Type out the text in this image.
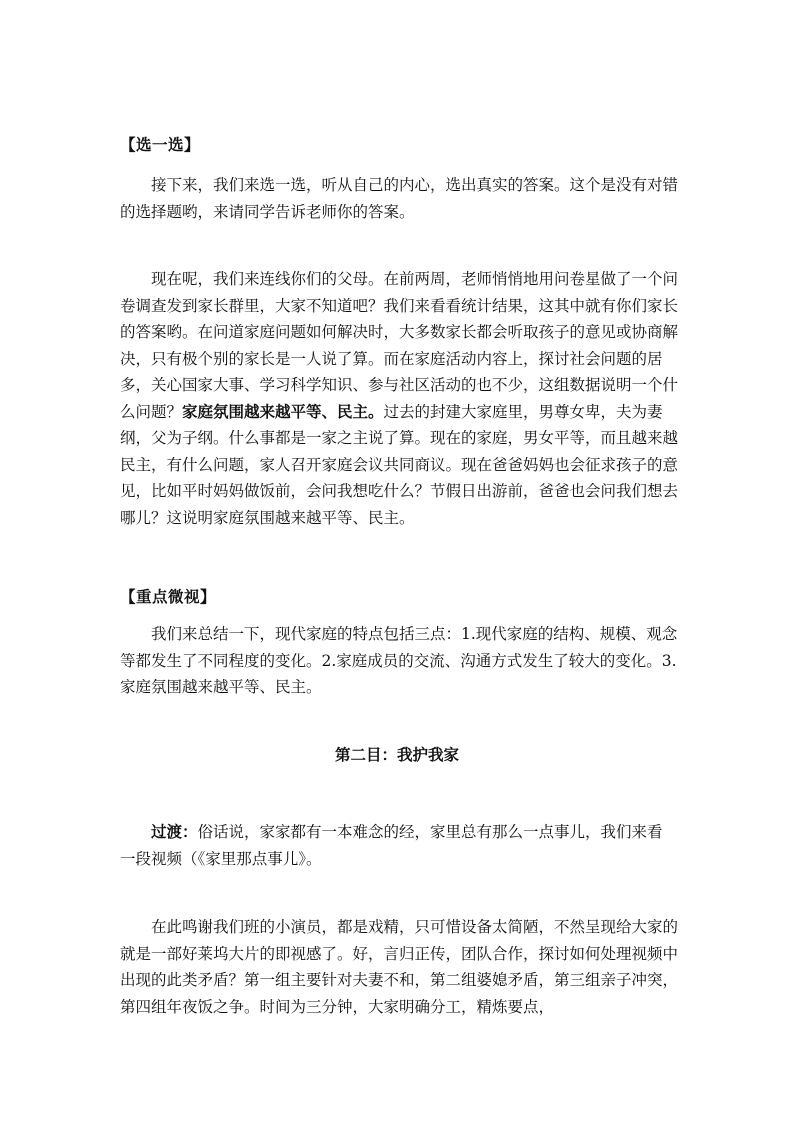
【选一选】
接下来，我们来选一选，听从自己的内心，选出真实的答案。这个是没有对错的选择题哟，来请同学告诉老师你的答案。
现在呢，我们来连线你们的父母。在前两周，老师悄悄地用问卷星做了一个问卷调查发到家长群里，大家不知道吧？我们来看看统计结果，这其中就有你们家长的答案哟。在问道家庭问题如何解决时，大多数家长都会听取孩子的意见或协商解决，只有极个别的家长是一人说了算。而在家庭活动内容上，探讨社会问题的居多，关心国家大事、学习科学知识、参与社区活动的也不少，这组数据说明一个什么问题？家庭氛围越来越平等、民主。过去的封建大家庭里，男尊女卑，夫为妻纲，父为子纲。什么事都是一家之主说了算。现在的家庭，男女平等，而且越来越民主，有什么问题，家人召开家庭会议共同商议。现在爸爸妈妈也会征求孩子的意见，比如平时妈妈做饭前，会问我想吃什么？节假日出游前，爸爸也会问我们想去哪儿？这说明家庭氛围越来越平等、民主。
【重点微视】
我们来总结一下，现代家庭的特点包括三点：1.现代家庭的结构、规模、观念等都发生了不同程度的变化。2.家庭成员的交流、沟通方式发生了较大的变化。3.家庭氛围越来越平等、民主。
第二目：我护我家
过渡：俗话说，家家都有一本难念的经，家里总有那么一点事儿，我们来看一段视频（《家里那点事儿》。
在此鸣谢我们班的小演员，都是戏精，只可惜设备太简陋，不然呈现给大家的就是一部好莱坞大片的即视感了。好，言归正传，团队合作，探讨如何处理视频中出现的此类矛盾？第一组主要针对夫妻不和，第二组婆媳矛盾，第三组亲子冲突，第四组年夜饭之争。时间为三分钟，大家明确分工，精炼要点，
